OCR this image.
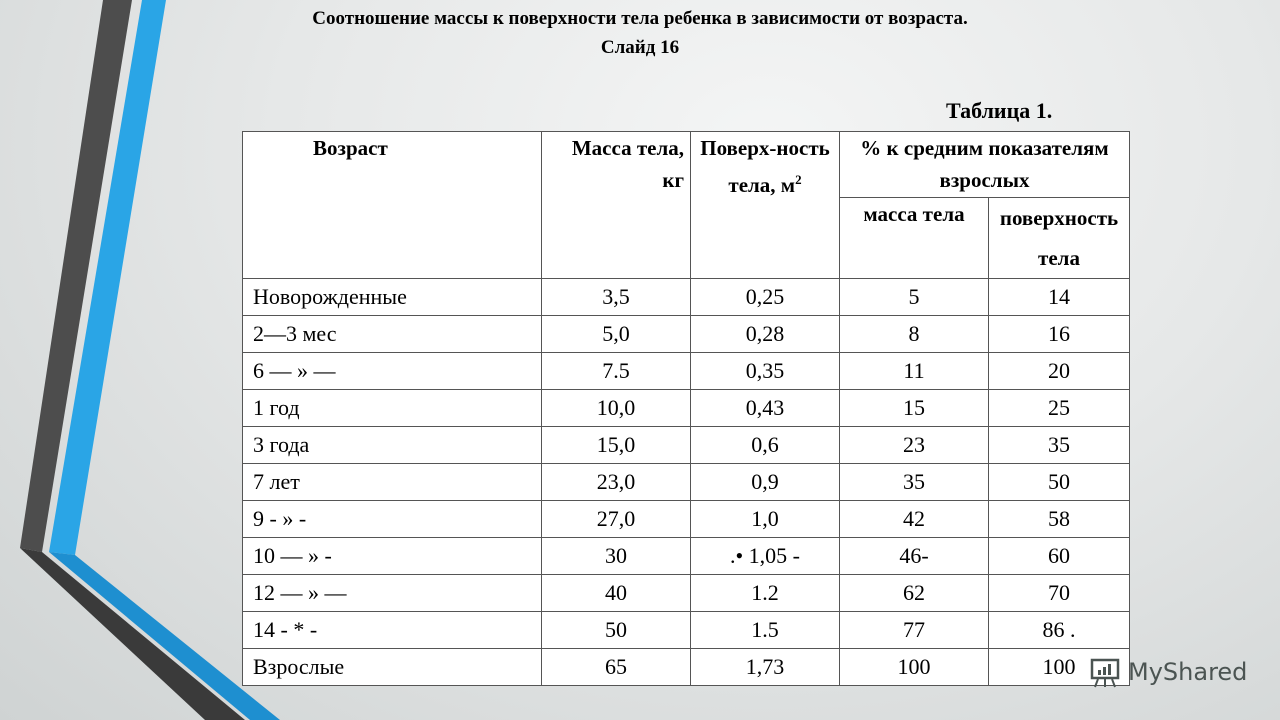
Соотношение массы к поверхности тела ребенка в зависимости от возраста.
Слайд 16
Таблица 1.
Возраст	Масса тела, кг	Поверх-ность тела, $м^2$	% к средним показателям взрослых	
			масса тела	поверхность тела
Новорожденные	3,5	0,25	5	14
2—3 мес	5,0	0,28	8	16
6 — » —	7.5	0,35	11	20
1 год	10,0	0,43	15	25
3 года	15,0	0,6	23	35
7 лет	23,0	0,9	35	50
9 - » -	27,0	1,0	42	58
10 — » -	30	.• 1,05 -	46-	60
12 — » —	40	1.2	62	70
14 - * -	50	1.5	77	86 .
Взрослые	65	1,73	100	100 MyShared
